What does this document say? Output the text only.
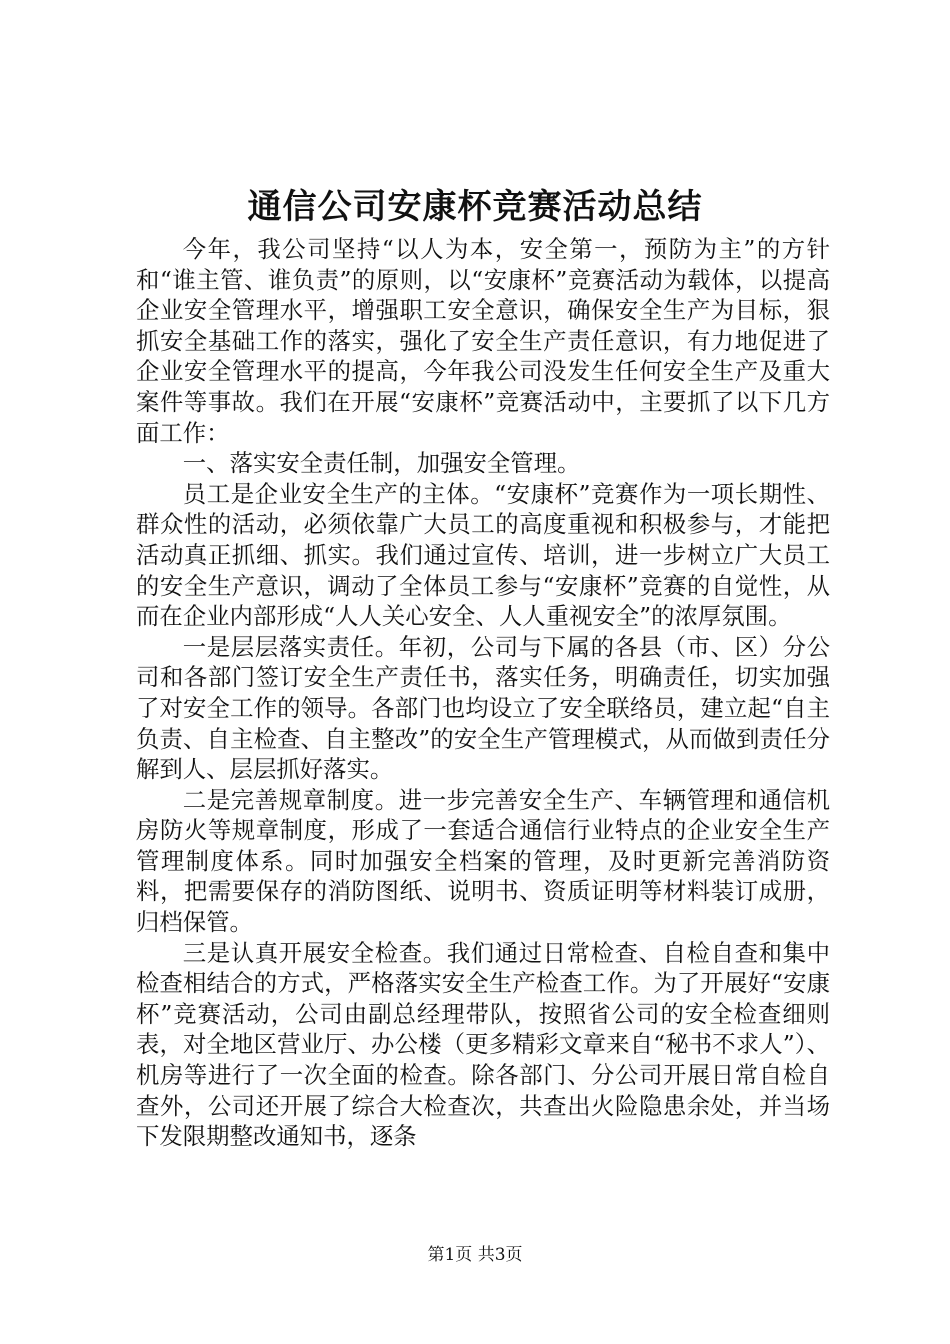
通信公司安康杯竞赛活动总结

今年，我公司坚持“以人为本，安全第一，预防为主”的方针和“谁主管、谁负责”的原则，以“安康杯”竞赛活动为载体，以提高企业安全管理水平，增强职工安全意识，确保安全生产为目标，狠抓安全基础工作的落实，强化了安全生产责任意识，有力地促进了企业安全管理水平的提高，今年我公司没发生任何安全生产及重大案件等事故。我们在开展“安康杯”竞赛活动中，主要抓了以下几方面工作：

一、落实安全责任制，加强安全管理。

员工是企业安全生产的主体。“安康杯”竞赛作为一项长期性、群众性的活动，必须依靠广大员工的高度重视和积极参与，才能把活动真正抓细、抓实。我们通过宣传、培训，进一步树立广大员工的安全生产意识，调动了全体员工参与“安康杯”竞赛的自觉性，从而在企业内部形成“人人关心安全、人人重视安全”的浓厚氛围。

一是层层落实责任。年初，公司与下属的各县（市、区）分公司和各部门签订安全生产责任书，落实任务，明确责任，切实加强了对安全工作的领导。各部门也均设立了安全联络员，建立起“自主负责、自主检查、自主整改”的安全生产管理模式，从而做到责任分解到人、层层抓好落实。

二是完善规章制度。进一步完善安全生产、车辆管理和通信机房防火等规章制度，形成了一套适合通信行业特点的企业安全生产管理制度体系。同时加强安全档案的管理，及时更新完善消防资料，把需要保存的消防图纸、说明书、资质证明等材料装订成册，归档保管。

三是认真开展安全检查。我们通过日常检查、自检自查和集中检查相结合的方式，严格落实安全生产检查工作。为了开展好“安康杯”竞赛活动，公司由副总经理带队，按照省公司的安全检查细则表，对全地区营业厅、办公楼（更多精彩文章来自“秘书不求人”）、机房等进行了一次全面的检查。除各部门、分公司开展日常自检自查外，公司还开展了综合大检查次，共查出火险隐患余处，并当场下发限期整改通知书，逐条

第1页 共3页
